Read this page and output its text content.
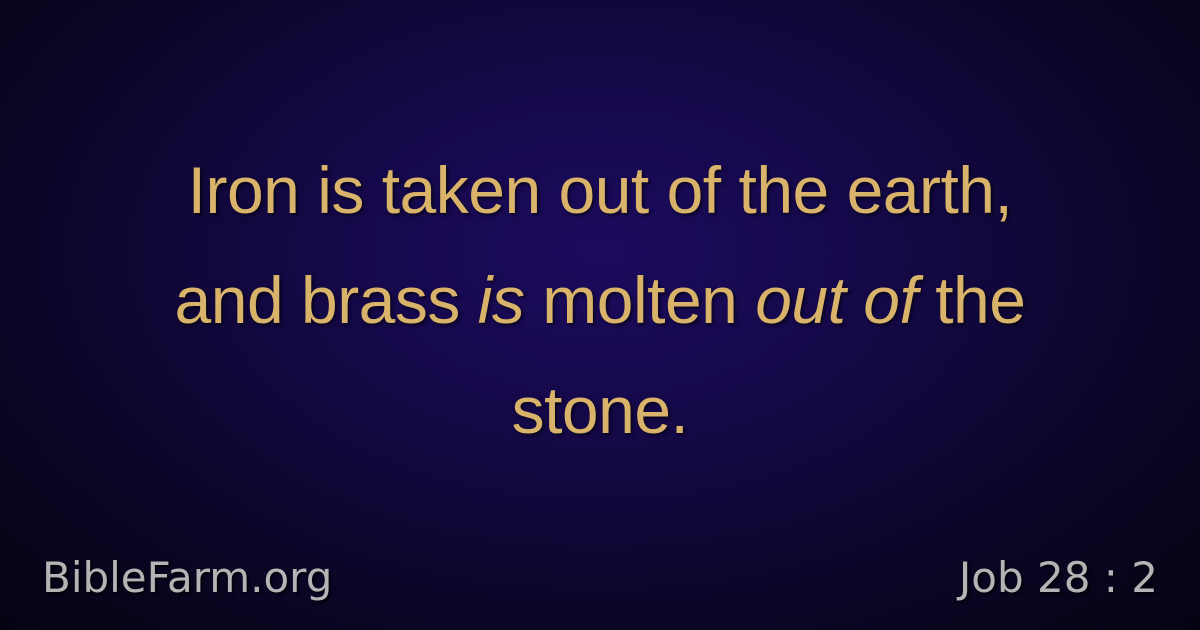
Iron is taken out of the earth,
and brass is molten out of the
stone.
BibleFarm.org	Job 28 : 2
